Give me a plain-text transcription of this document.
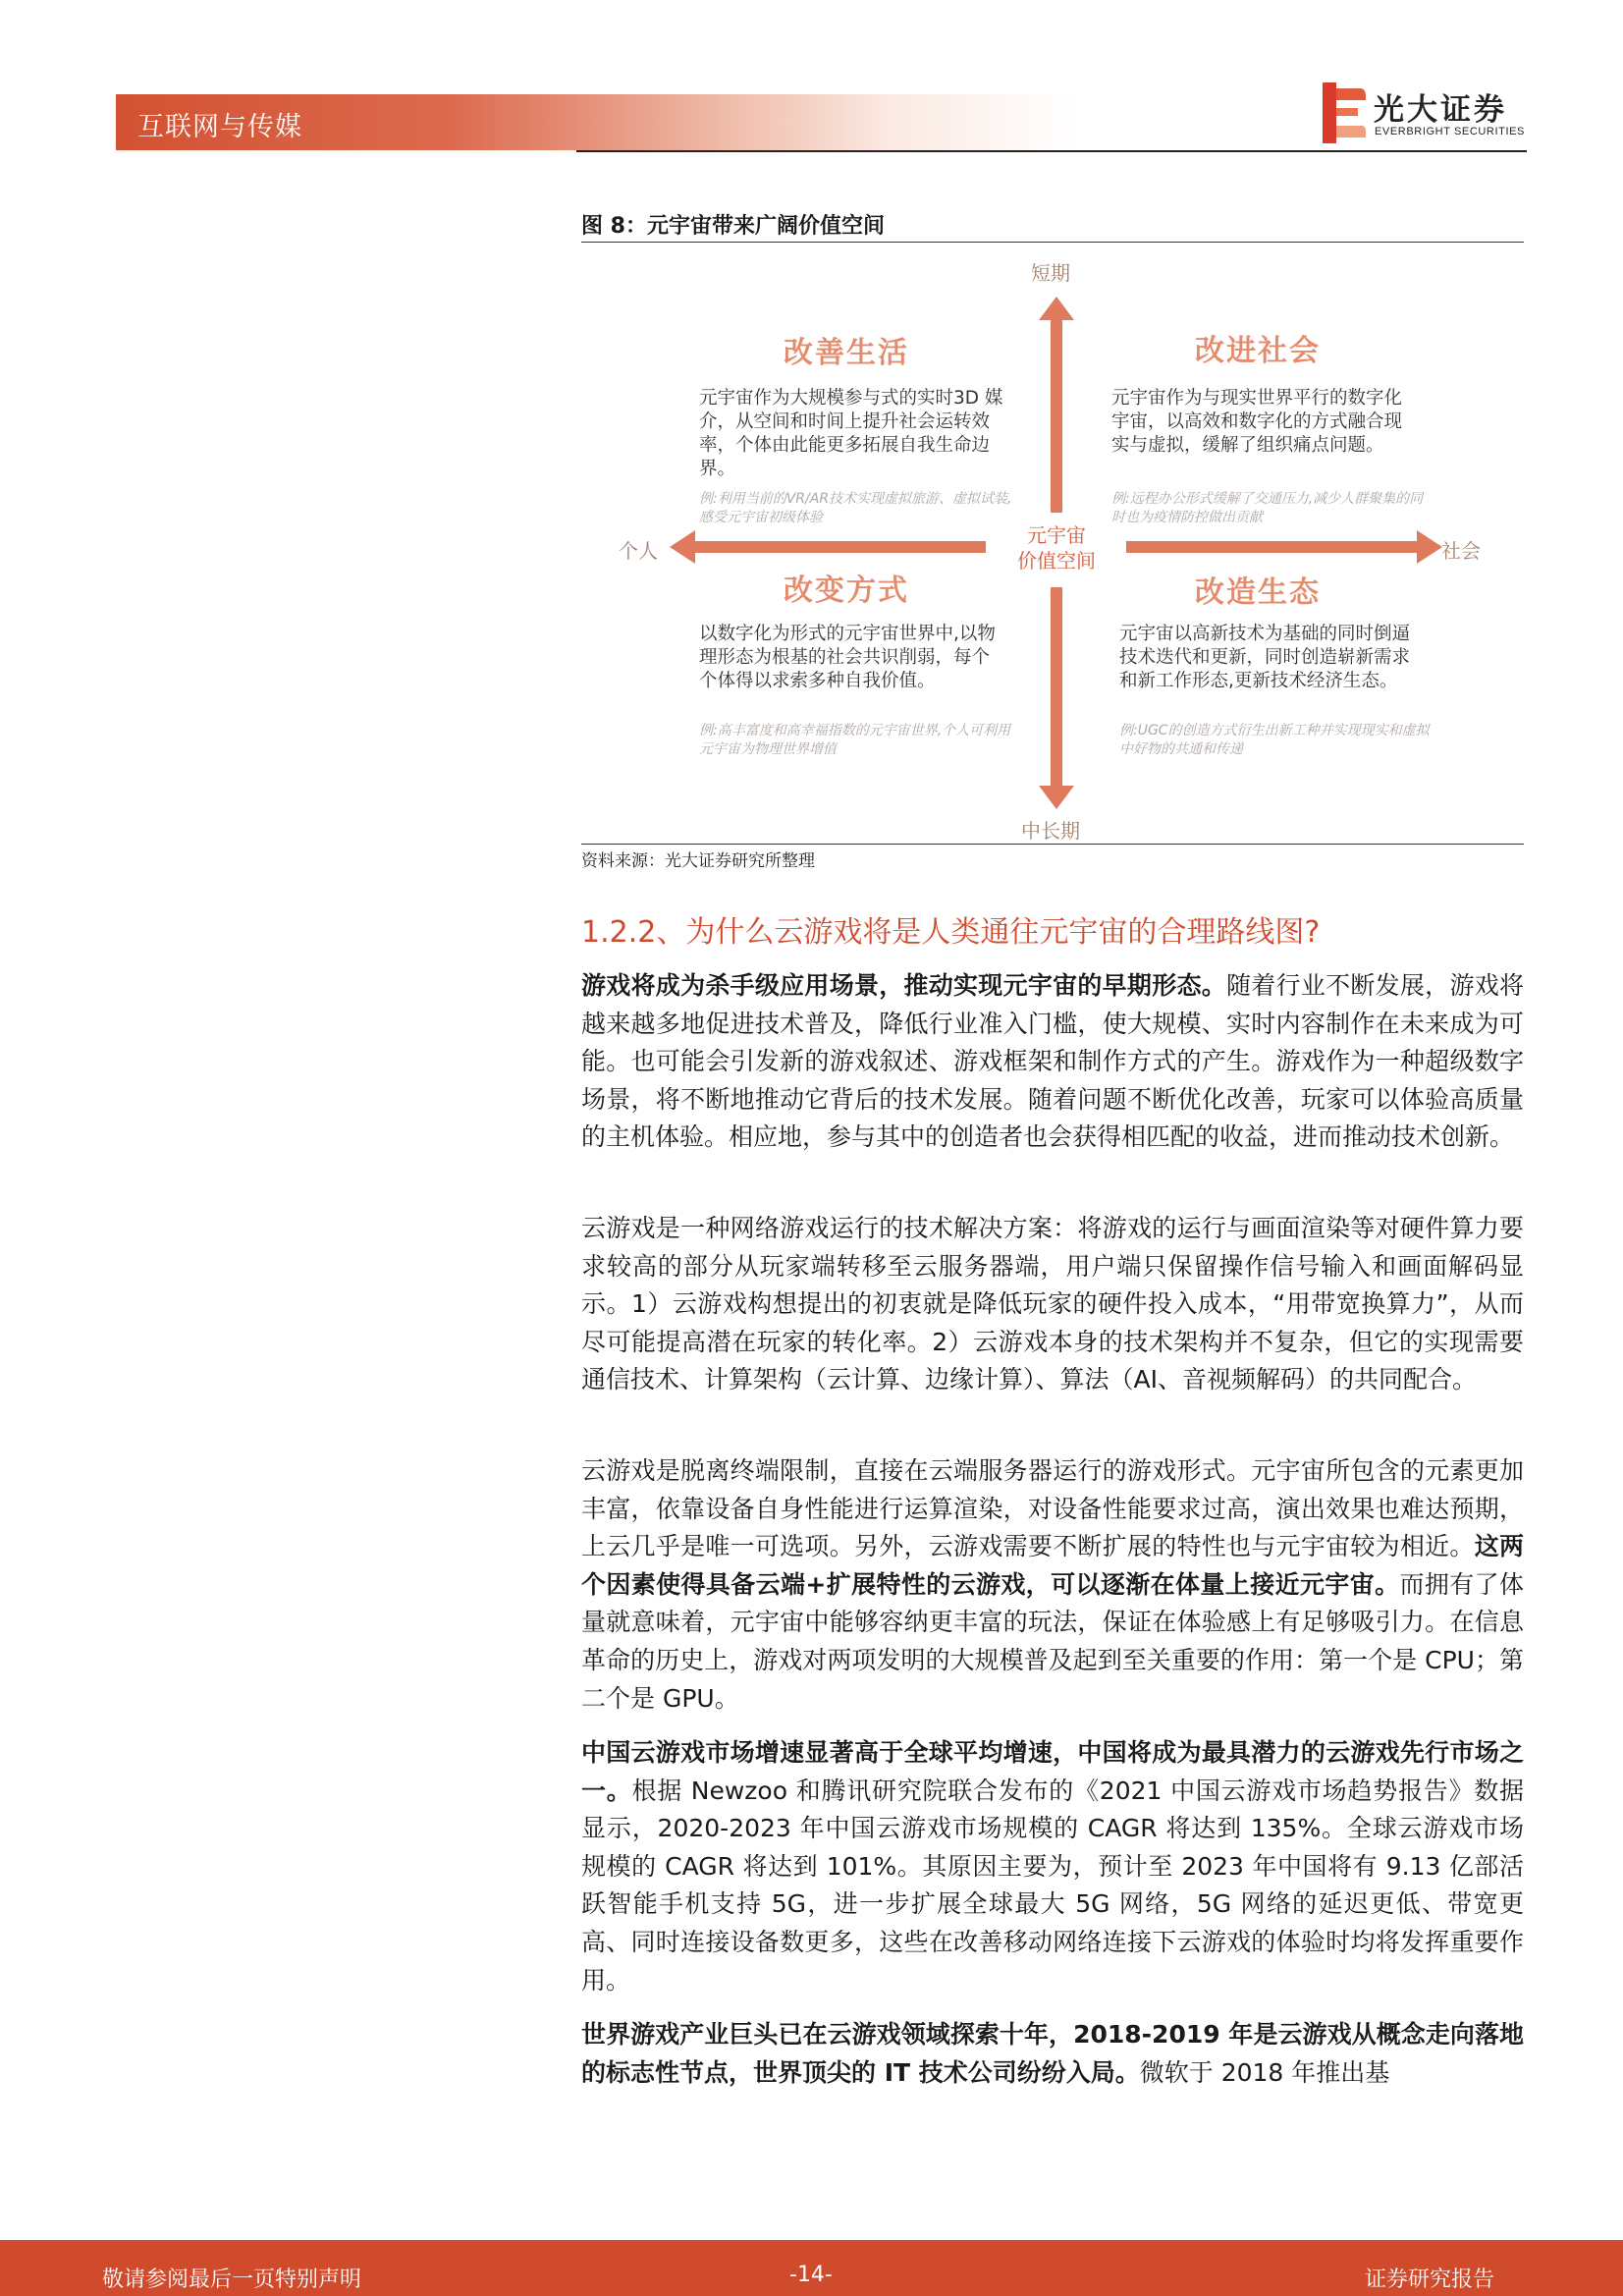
互联网与传媒	光大证券
EVERBRIGHT SECURITIES
图 8：元宇宙带来广阔价值空间
短期
中长期
个人	社会
元宇宙
价值空间
改善生活
元宇宙作为大规模参与式的实时3D 媒介，从空间和时间上提升社会运转效率，个体由此能更多拓展自我生命边界。
例:利用当前的VR/AR技术实现虚拟旅游、虚拟试装,感受元宇宙初级体验
改进社会
元宇宙作为与现实世界平行的数字化宇宙，以高效和数字化的方式融合现实与虚拟，缓解了组织痛点问题。
例:远程办公形式缓解了交通压力,减少人群聚集的同时也为疫情防控做出贡献
改变方式
以数字化为形式的元宇宙世界中,以物理形态为根基的社会共识削弱，每个个体得以求索多种自我价值。
例:高丰富度和高幸福指数的元宇宙世界,个人可利用元宇宙为物理世界增值
改造生态
元宇宙以高新技术为基础的同时倒逼技术迭代和更新，同时创造崭新需求和新工作形态,更新技术经济生态。
例:UGC的创造方式衍生出新工种并实现现实和虚拟中好物的共通和传递
资料来源：光大证券研究所整理
1.2.2、为什么云游戏将是人类通往元宇宙的合理路线图?

游戏将成为杀手级应用场景，推动实现元宇宙的早期形态。随着行业不断发展，游戏将越来越多地促进技术普及，降低行业准入门槛，使大规模、实时内容制作在未来成为可能。也可能会引发新的游戏叙述、游戏框架和制作方式的产生。游戏作为一种超级数字场景，将不断地推动它背后的技术发展。随着问题不断优化改善，玩家可以体验高质量的主机体验。相应地，参与其中的创造者也会获得相匹配的收益，进而推动技术创新。

云游戏是一种网络游戏运行的技术解决方案：将游戏的运行与画面渲染等对硬件算力要求较高的部分从玩家端转移至云服务器端，用户端只保留操作信号输入和画面解码显示。1）云游戏构想提出的初衷就是降低玩家的硬件投入成本，“用带宽换算力”，从而尽可能提高潜在玩家的转化率。2）云游戏本身的技术架构并不复杂，但它的实现需要通信技术、计算架构（云计算、边缘计算）、算法（AI、音视频解码）的共同配合。

云游戏是脱离终端限制，直接在云端服务器运行的游戏形式。元宇宙所包含的元素更加丰富，依靠设备自身性能进行运算渲染，对设备性能要求过高，演出效果也难达预期，上云几乎是唯一可选项。另外，云游戏需要不断扩展的特性也与元宇宙较为相近。这两个因素使得具备云端+扩展特性的云游戏，可以逐渐在体量上接近元宇宙。而拥有了体量就意味着，元宇宙中能够容纳更丰富的玩法，保证在体验感上有足够吸引力。在信息革命的历史上，游戏对两项发明的大规模普及起到至关重要的作用：第一个是 CPU；第二个是 GPU。

中国云游戏市场增速显著高于全球平均增速，中国将成为最具潜力的云游戏先行市场之一。根据 Newzoo 和腾讯研究院联合发布的《2021 中国云游戏市场趋势报告》数据显示，2020-2023 年中国云游戏市场规模的 CAGR 将达到 135%。全球云游戏市场规模的 CAGR 将达到 101%。其原因主要为，预计至 2023 年中国将有 9.13 亿部活跃智能手机支持 5G，进一步扩展全球最大 5G 网络，5G 网络的延迟更低、带宽更高、同时连接设备数更多，这些在改善移动网络连接下云游戏的体验时均将发挥重要作用。

世界游戏产业巨头已在云游戏领域探索十年，2018-2019 年是云游戏从概念走向落地的标志性节点，世界顶尖的 IT 技术公司纷纷入局。微软于 2018 年推出基

敬请参阅最后一页特别声明	-14-	证券研究报告
